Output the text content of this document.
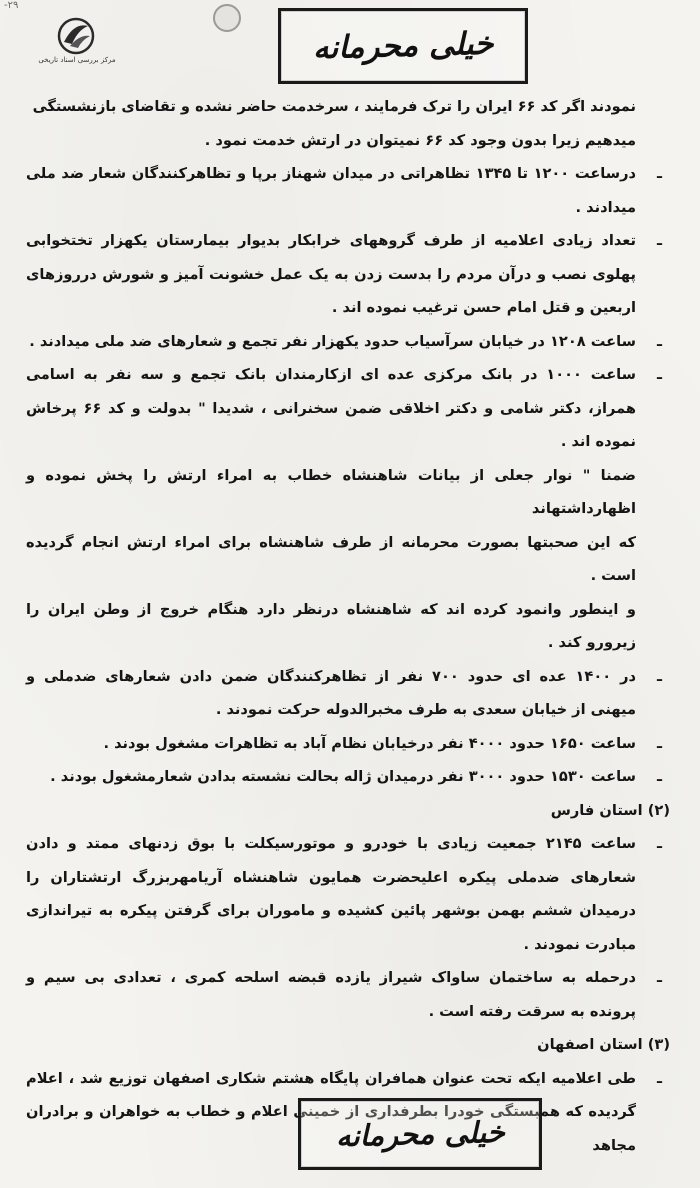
-۲۹
مرکز بررسی اسناد تاریخی	خیلی محرمانه

نمودند اگر کد ۶۶ ایران را ترک فرمایند ، سرخدمت حاضر نشده و تقاضای بازنشستگی

میدهیم زیرا بدون وجود کد ۶۶ نمیتوان در ارتش خدمت نمود .

ـ
درساعت ۱۲۰۰ تا ۱۳۴۵ تظاهراتی در میدان شهناز برپا و تظاهرکنندگان شعار ضد ملی میدادند .

ـ
تعداد زیادی اعلامیه از طرف گروههای خرابکار بدیوار بیمارستان یکهزار تختخوابی پهلوی نصب و درآن مردم را بدست زدن به یک عمل خشونت آمیز و شورش درروزهای اربعین و قتل امام حسن ترغیب نموده اند .

ـ
ساعت ۱۲۰۸ در خیابان سرآسیاب حدود یکهزار نفر تجمع و شعارهای ضد ملی میدادند .

ـ
ساعت ۱۰۰۰ در بانک مرکزی عده ای ازکارمندان بانک تجمع و سه نفر به اسامی همراز، دکتر شامی و دکتر اخلاقی ضمن سخنرانی ، شدیدا " بدولت و کد ۶۶ پرخاش نموده اند .

ضمنا " نوار جعلی از بیانات شاهنشاه خطاب به امراء ارتش را پخش نموده و اظهارداشتهاند

که این صحبتها بصورت محرمانه از طرف شاهنشاه برای امراء ارتش انجام گردیده است .

و اینطور وانمود کرده اند که شاهنشاه درنظر دارد هنگام خروج از وطن ایران را زیرورو کند .

ـ
در ۱۴۰۰ عده ای حدود ۷۰۰ نفر از تظاهرکنندگان ضمن دادن شعارهای ضدملی و میهنی از خیابان سعدی به طرف مخبرالدوله حرکت نمودند .

ـ
ساعت ۱۶۵۰ حدود ۴۰۰۰ نفر درخیابان نظام آباد به تظاهرات مشغول بودند .

ـ
ساعت ۱۵۳۰ حدود ۳۰۰۰ نفر درمیدان ژاله بحالت نشسته بدادن شعارمشغول بودند .

(۲) استان فارس

ـ
ساعت ۲۱۴۵ جمعیت زیادی با خودرو و موتورسیکلت با بوق زدنهای ممتد و دادن شعارهای ضدملی پیکره اعلیحضرت همایون شاهنشاه آریامهربزرگ ارتشتاران را درمیدان ششم بهمن بوشهر پائین کشیده و ماموران برای گرفتن پیکره به تیراندازی مبادرت نمودند .

ـ
درحمله به ساختمان ساواک شیراز یازده قبضه اسلحه کمری ، تعدادی بی سیم و پرونده به سرقت رفته است .

(۳) استان اصفهان

ـ
طی اعلامیه ایکه تحت عنوان همافران پایگاه هشتم شکاری اصفهان توزیع شد ، اعلام گردیده که همبستگی خودرا بطرفداری از خمینی اعلام و خطاب به خواهران و برادران مجاهد

خیلی محرمانه
